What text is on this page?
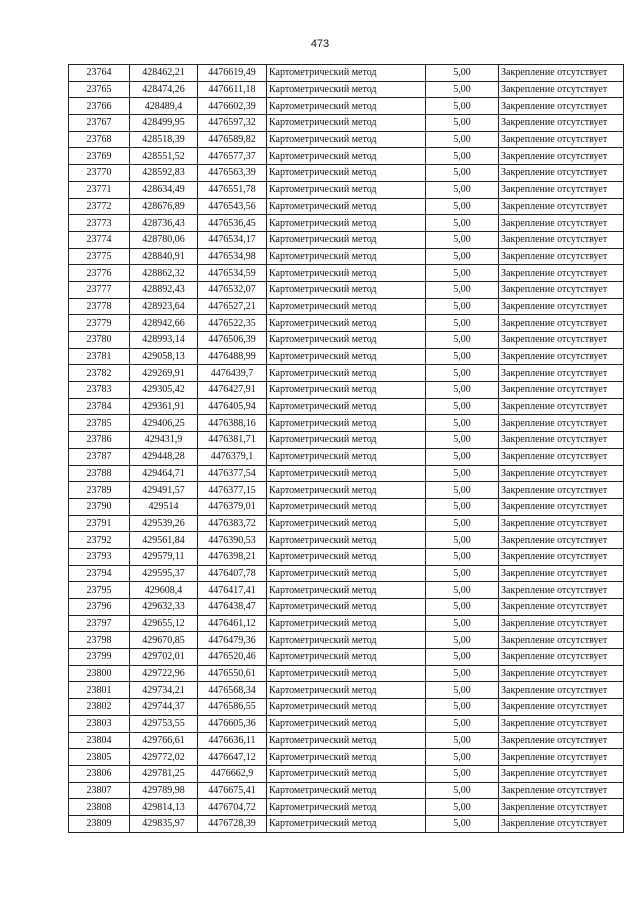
473
23764	428462,21	4476619,49	Картометрический метод	5,00	Закрепление отсутствует
23765	428474,26	4476611,18	Картометрический метод	5,00	Закрепление отсутствует
23766	428489,4	4476602,39	Картометрический метод	5,00	Закрепление отсутствует
23767	428499,95	4476597,32	Картометрический метод	5,00	Закрепление отсутствует
23768	428518,39	4476589,82	Картометрический метод	5,00	Закрепление отсутствует
23769	428551,52	4476577,37	Картометрический метод	5,00	Закрепление отсутствует
23770	428592,83	4476563,39	Картометрический метод	5,00	Закрепление отсутствует
23771	428634,49	4476551,78	Картометрический метод	5,00	Закрепление отсутствует
23772	428676,89	4476543,56	Картометрический метод	5,00	Закрепление отсутствует
23773	428736,43	4476536,45	Картометрический метод	5,00	Закрепление отсутствует
23774	428780,06	4476534,17	Картометрический метод	5,00	Закрепление отсутствует
23775	428840,91	4476534,98	Картометрический метод	5,00	Закрепление отсутствует
23776	428862,32	4476534,59	Картометрический метод	5,00	Закрепление отсутствует
23777	428892,43	4476532,07	Картометрический метод	5,00	Закрепление отсутствует
23778	428923,64	4476527,21	Картометрический метод	5,00	Закрепление отсутствует
23779	428942,66	4476522,35	Картометрический метод	5,00	Закрепление отсутствует
23780	428993,14	4476506,39	Картометрический метод	5,00	Закрепление отсутствует
23781	429058,13	4476488,99	Картометрический метод	5,00	Закрепление отсутствует
23782	429269,91	4476439,7	Картометрический метод	5,00	Закрепление отсутствует
23783	429305,42	4476427,91	Картометрический метод	5,00	Закрепление отсутствует
23784	429361,91	4476405,94	Картометрический метод	5,00	Закрепление отсутствует
23785	429406,25	4476388,16	Картометрический метод	5,00	Закрепление отсутствует
23786	429431,9	4476381,71	Картометрический метод	5,00	Закрепление отсутствует
23787	429448,28	4476379,1	Картометрический метод	5,00	Закрепление отсутствует
23788	429464,71	4476377,54	Картометрический метод	5,00	Закрепление отсутствует
23789	429491,57	4476377,15	Картометрический метод	5,00	Закрепление отсутствует
23790	429514	4476379,01	Картометрический метод	5,00	Закрепление отсутствует
23791	429539,26	4476383,72	Картометрический метод	5,00	Закрепление отсутствует
23792	429561,84	4476390,53	Картометрический метод	5,00	Закрепление отсутствует
23793	429579,11	4476398,21	Картометрический метод	5,00	Закрепление отсутствует
23794	429595,37	4476407,78	Картометрический метод	5,00	Закрепление отсутствует
23795	429608,4	4476417,41	Картометрический метод	5,00	Закрепление отсутствует
23796	429632,33	4476438,47	Картометрический метод	5,00	Закрепление отсутствует
23797	429655,12	4476461,12	Картометрический метод	5,00	Закрепление отсутствует
23798	429670,85	4476479,36	Картометрический метод	5,00	Закрепление отсутствует
23799	429702,01	4476520,46	Картометрический метод	5,00	Закрепление отсутствует
23800	429722,96	4476550,61	Картометрический метод	5,00	Закрепление отсутствует
23801	429734,21	4476568,34	Картометрический метод	5,00	Закрепление отсутствует
23802	429744,37	4476586,55	Картометрический метод	5,00	Закрепление отсутствует
23803	429753,55	4476605,36	Картометрический метод	5,00	Закрепление отсутствует
23804	429766,61	4476636,11	Картометрический метод	5,00	Закрепление отсутствует
23805	429772,02	4476647,12	Картометрический метод	5,00	Закрепление отсутствует
23806	429781,25	4476662,9	Картометрический метод	5,00	Закрепление отсутствует
23807	429789,98	4476675,41	Картометрический метод	5,00	Закрепление отсутствует
23808	429814,13	4476704,72	Картометрический метод	5,00	Закрепление отсутствует
23809	429835,97	4476728,39	Картометрический метод	5,00	Закрепление отсутствует
